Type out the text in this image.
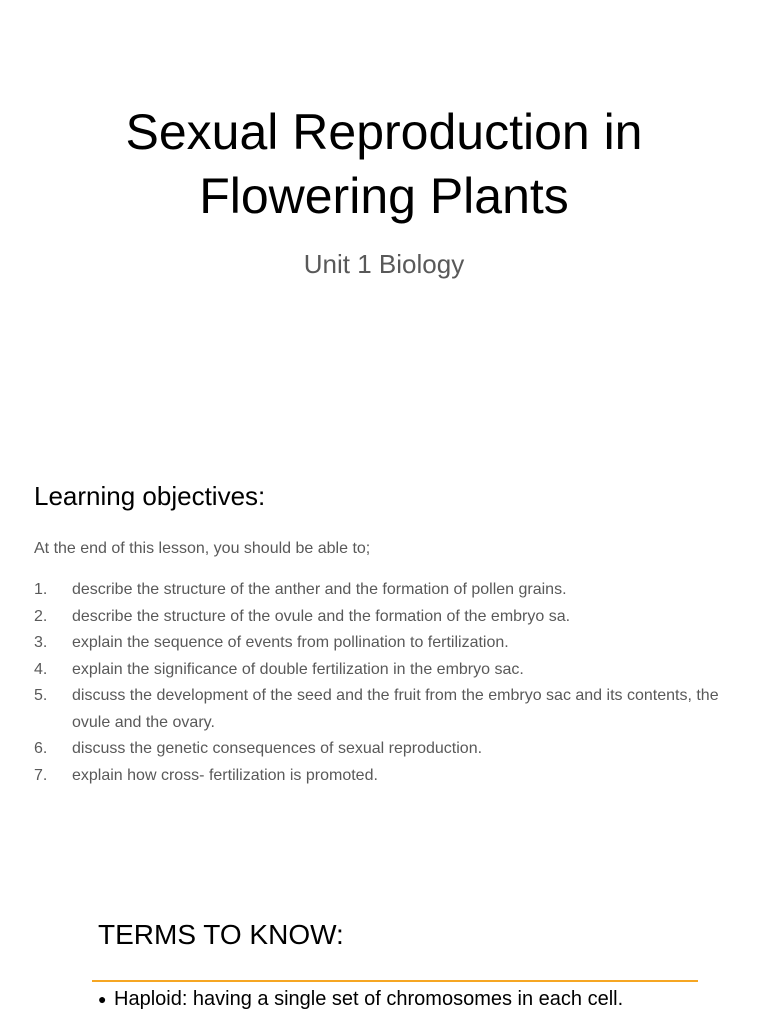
Sexual Reproduction in
Flowering Plants

Unit 1 Biology

Learning objectives:

At the end of this lesson, you should be able to;

1.	describe the structure of the anther and the formation of pollen grains.
2.	describe the structure of the ovule and the formation of the embryo sa.
3.	explain the sequence of events from pollination to fertilization.
4.	explain the significance of double fertilization in the embryo sac.
5.	discuss the development of the seed and the fruit from the embryo sac and its contents, the ovule and the ovary.
6.	discuss the genetic consequences of sexual reproduction.
7.	explain how cross- fertilization is promoted.
TERMS TO KNOW:
● Haploid: having a single set of chromosomes in each cell.
